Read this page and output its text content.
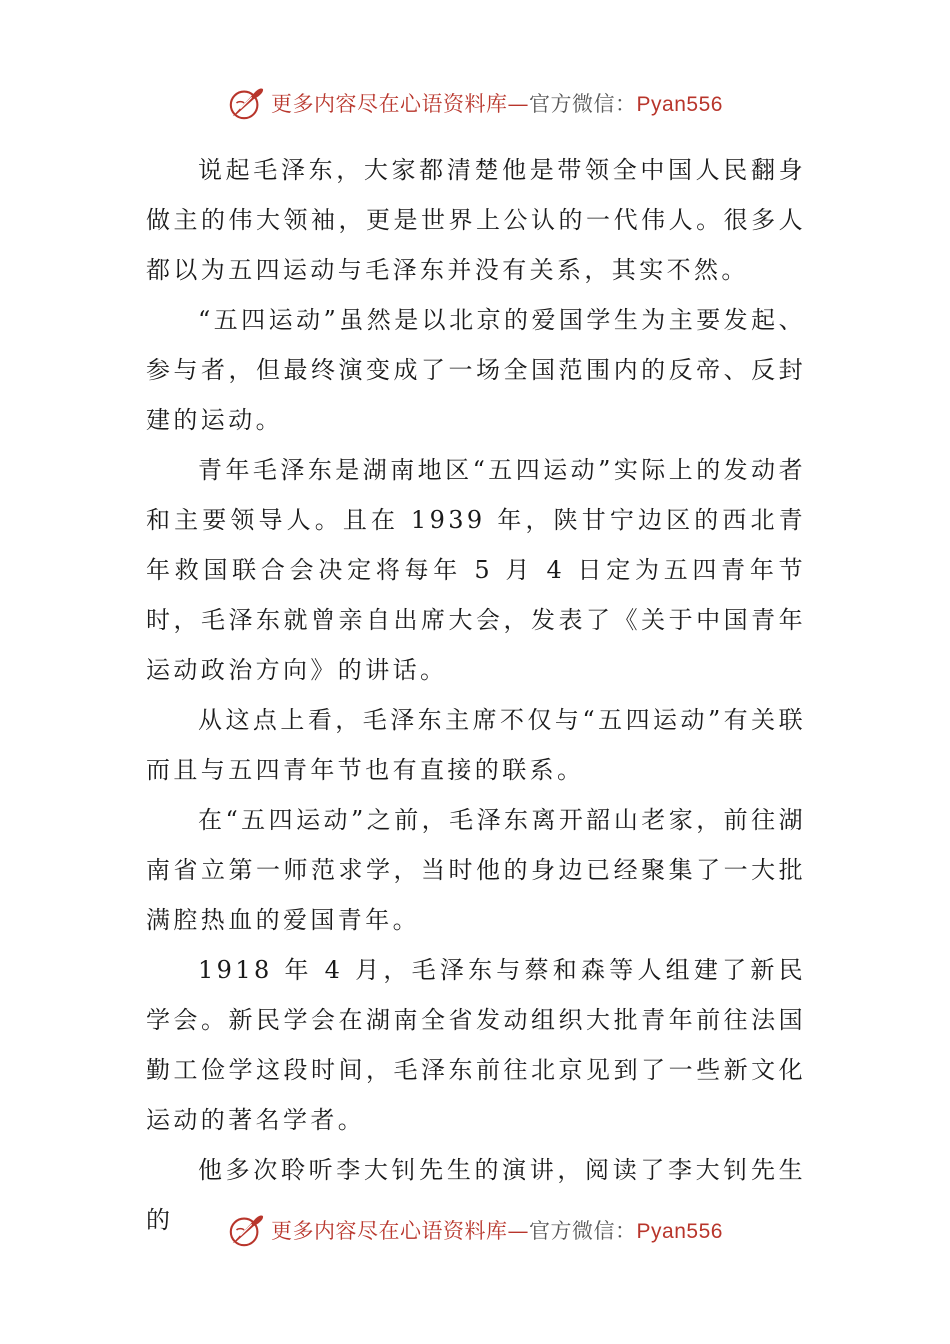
更多内容尽在心语资料库—官方微信：Pyan556

说起毛泽东，大家都清楚他是带领全中国人民翻身做主的伟大领袖，更是世界上公认的一代伟人。很多人都以为五四运动与毛泽东并没有关系，其实不然。

“五四运动”虽然是以北京的爱国学生为主要发起、参与者，但最终演变成了一场全国范围内的反帝、反封建的运动。

青年毛泽东是湖南地区“五四运动”实际上的发动者和主要领导人。且在 1939 年，陕甘宁边区的西北青年救国联合会决定将每年 5 月 4 日定为五四青年节时，毛泽东就曾亲自出席大会，发表了《关于中国青年运动政治方向》的讲话。

从这点上看，毛泽东主席不仅与“五四运动”有关联而且与五四青年节也有直接的联系。

在“五四运动”之前，毛泽东离开韶山老家，前往湖南省立第一师范求学，当时他的身边已经聚集了一大批满腔热血的爱国青年。

1918 年 4 月，毛泽东与蔡和森等人组建了新民学会。新民学会在湖南全省发动组织大批青年前往法国勤工俭学这段时间，毛泽东前往北京见到了一些新文化运动的著名学者。

他多次聆听李大钊先生的演讲，阅读了李大钊先生的	更多内容尽在心语资料库—官方微信：Pyan556
